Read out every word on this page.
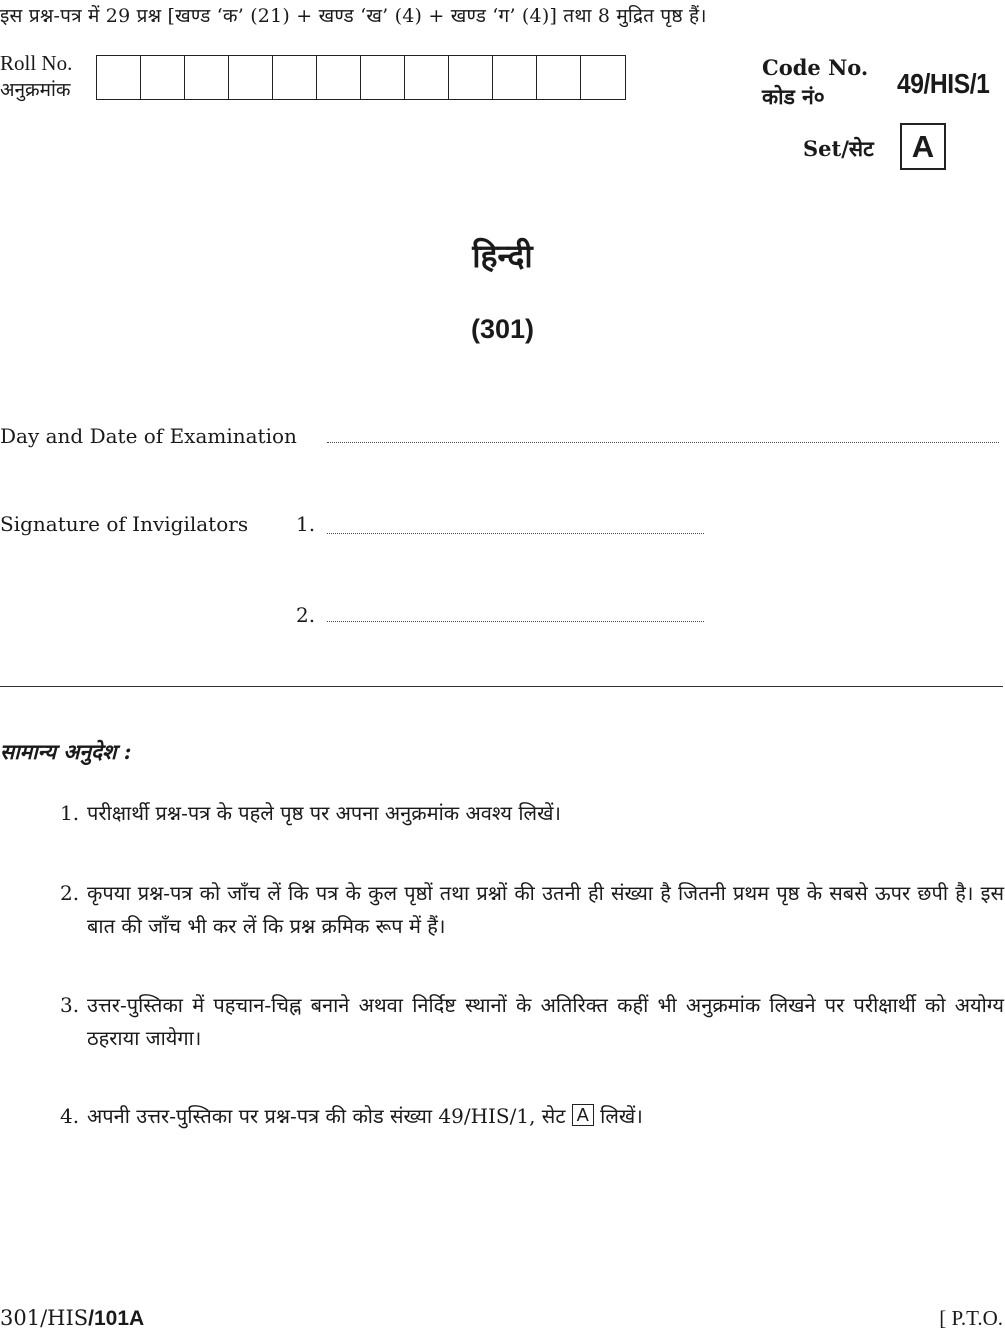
इस प्रश्न-पत्र में 29 प्रश्न [खण्ड ‘क’ (21) + खण्ड ‘ख’ (4) + खण्ड ‘ग’ (4)] तथा 8 मुद्रित पृष्ठ हैं।
Roll No.
अनुक्रमांक
Code No.
कोड नं०	49/HIS/1
Set/सेट	A
हिन्दी
(301)
Day and Date of Examination
Signature of Invigilators 1.
2.
सामान्य अनुदेश :
1. परीक्षार्थी प्रश्न-पत्र के पहले पृष्ठ पर अपना अनुक्रमांक अवश्य लिखें।
2. कृपया प्रश्न-पत्र को जाँच लें कि पत्र के कुल पृष्ठों तथा प्रश्नों की उतनी ही संख्या है जितनी प्रथम पृष्ठ के सबसे ऊपर छपी है। इस बात की जाँच भी कर लें कि प्रश्न क्रमिक रूप में हैं।
3. उत्तर-पुस्तिका में पहचान-चिह्न बनाने अथवा निर्दिष्ट स्थानों के अतिरिक्त कहीं भी अनुक्रमांक लिखने पर परीक्षार्थी को अयोग्य ठहराया जायेगा।
4. अपनी उत्तर-पुस्तिका पर प्रश्न-पत्र की कोड संख्या 49/HIS/1, सेट A लिखें।
301/HIS/101A	[ P.T.O.
